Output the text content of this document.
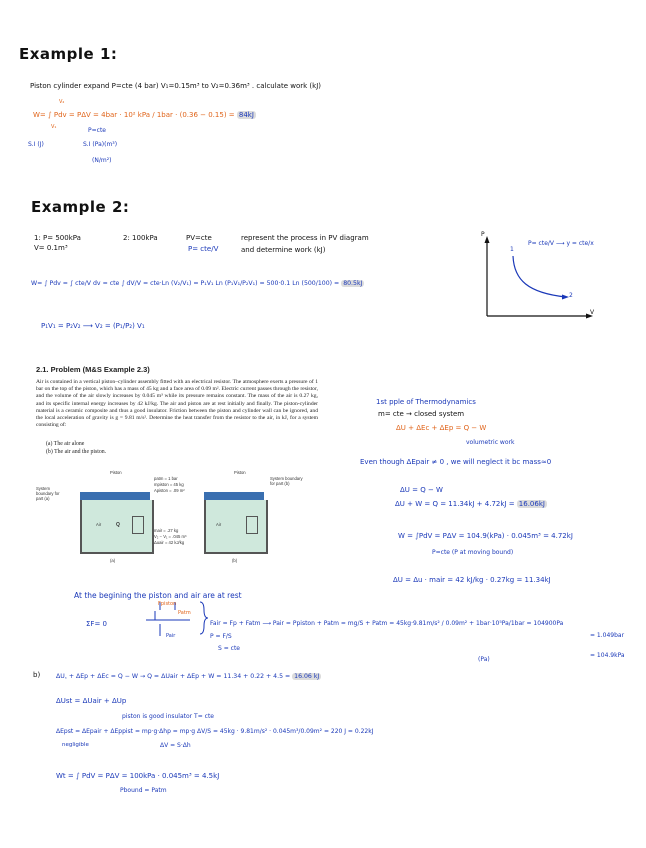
Example 1:
Piston cylinder expand P=cte (4 bar) V₁=0.15m³ to V₂=0.36m³ . calculate work (kJ)
V₂
V₁
W= ∫ Pdv = PΔV = 4bar · 10² kPa / 1bar · (0.36 − 0.15) = 84kJ
P=cte
S.I (J)	S.I (Pa)(m³)
(N/m²)
Example 2:
1: P= 500kPa
V= 0.1m³
2: 100kPa	PV=cte
P= cte/V
represent the process in PV diagram
and determine work (kJ)
W= ∫ Pdv = ∫ cte/V dv = cte ∫ dV/V = cte·Ln (V₂/V₁) = P₁V₁ Ln (P₁V₁/P₂V₁) = 500·0.1 Ln (500/100) = 80.5kJ
P₁V₁ = P₂V₂ ⟶ V₂ = (P₁/P₂) V₁
P
V
1
2
P= cte/V ⟶ y = cte/x
2.1. Problem (M&S Example 2.3)
Air is contained in a vertical piston–cylinder assembly fitted with an electrical resistor. The atmosphere exerts a pressure of 1 bar on the top of the piston, which has a mass of 45 kg and a face area of 0.09 m². Electric current passes through the resistor, and the volume of the air slowly increases by 0.045 m³ while its pressure remains constant. The mass of the air is 0.27 kg, and its specific internal energy increases by 42 kJ/kg. The air and piston are at rest initially and finally. The piston-cylinder material is a ceramic composite and thus a good insulator. Friction between the piston and cylinder wall can be ignored, and the local acceleration of gravity is g = 9.81 m/s². Determine the heat transfer from the resistor to the air, in kJ, for a system consisting of:
(a) The air alone
(b) The air and the piston.
Air	Q
Piston
patm = 1 bar
mpiston = 45 kg
Apiston = .09 m²
mair = .27 kg
V₂ − V₁ = .045 m³
Δuair = 42 kJ/kg
(a)
System boundary for part (a)
Air
Piston
System boundary for part (b)
(b)
1st pple of Thermodynamics
m= cte → closed system
ΔU + ΔEc + ΔEp = Q − W
volumetric work
Even though ΔEpair ≠ 0 , we will neglect it bc mass≈0
ΔU = Q − W
ΔU + W = Q = 11.34kJ + 4.72kJ = 16.06kJ
W = ∫PdV = PΔV = 104.9(kPa) · 0.045m³ = 4.72kJ
P=cte (P at moving bound)
ΔU = Δu · mair = 42 kJ/kg · 0.27kg = 11.34kJ
At the begining the piston and air are at rest
ΣF= 0
Fpiston
Patm
Pair
Fair = Fp + Fatm ⟶ Pair = Ppiston + Patm = mg/S + Patm = 45kg·9.81m/s² / 0.09m² + 1bar·10⁵Pa/1bar = 104900Pa
P = F/S
S = cte
(Pa)
= 1.049bar
= 104.9kPa
b)	ΔU꜀ + ΔEp + ΔEc = Q − W → Q = ΔUair + ΔEp + W = 11.34 + 0.22 + 4.5 = 16.06 kJ
ΔUst = ΔUair + ΔUp
piston is good insulator T= cte
ΔEpst = ΔEpair + ΔEppist = mp·g·Δhp = mp·g ΔV/S = 45kg · 9.81m/s² · 0.045m³/0.09m² = 220 J = 0.22kJ
negligible	ΔV = S·Δh
Wt = ∫ PdV = PΔV = 100kPa · 0.045m³ = 4.5kJ
Pbound = Patm
